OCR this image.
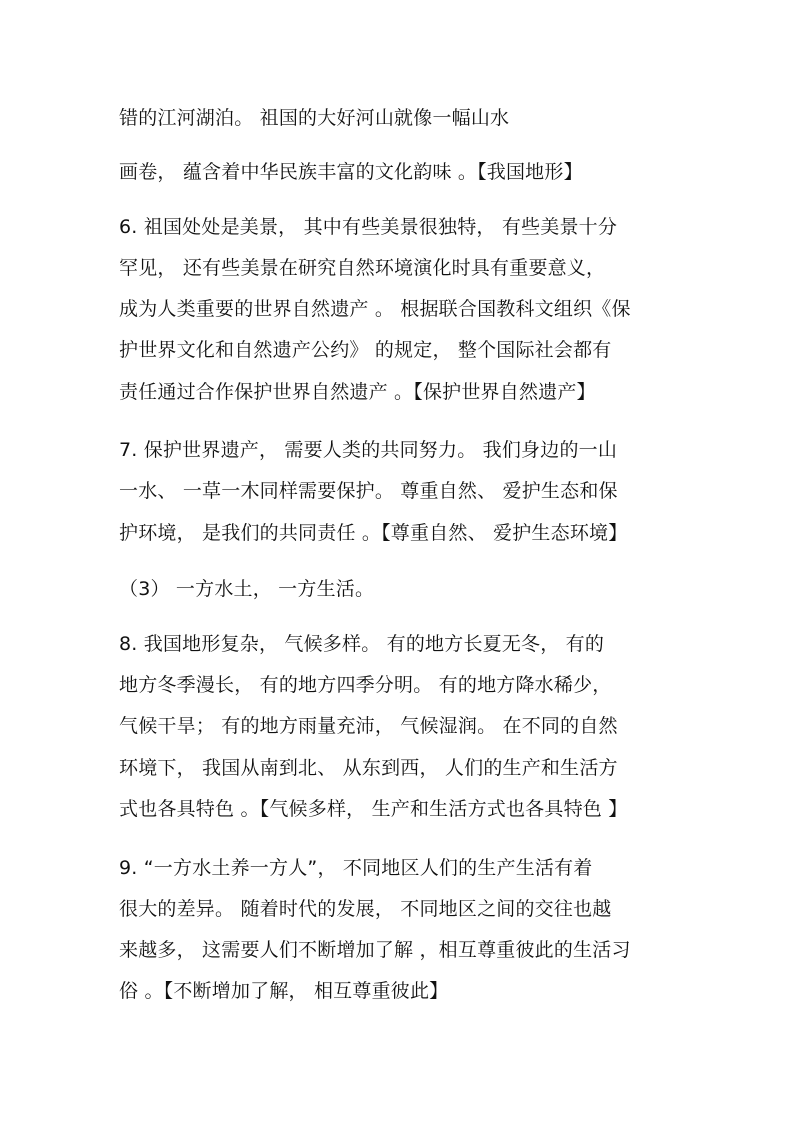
错的江河湖泊。 祖国的大好河山就像一幅山水
画卷， 蕴含着中华民族丰富的文化韵味 。【我国地形】
6. 祖国处处是美景， 其中有些美景很独特， 有些美景十分
罕见， 还有些美景在研究自然环境演化时具有重要意义，
成为人类重要的世界自然遗产 。 根据联合国教科文组织《保
护世界文化和自然遗产公约》 的规定， 整个国际社会都有
责任通过合作保护世界自然遗产 。【保护世界自然遗产】
7. 保护世界遗产， 需要人类的共同努力。 我们身边的一山
一水、 一草一木同样需要保护。 尊重自然、 爱护生态和保
护环境， 是我们的共同责任 。【尊重自然、 爱护生态环境】
（3） 一方水土， 一方生活。
8. 我国地形复杂， 气候多样。 有的地方长夏无冬， 有的
地方冬季漫长， 有的地方四季分明。 有的地方降水稀少，
气候干旱； 有的地方雨量充沛， 气候湿润。 在不同的自然
环境下， 我国从南到北、 从东到西， 人们的生产和生活方
式也各具特色 。【气候多样， 生产和生活方式也各具特色 】
9. “一方水土养一方人”， 不同地区人们的生产生活有着
很大的差异。 随着时代的发展， 不同地区之间的交往也越
来越多， 这需要人们不断增加了解 ，相互尊重彼此的生活习
俗 。【不断增加了解， 相互尊重彼此】
